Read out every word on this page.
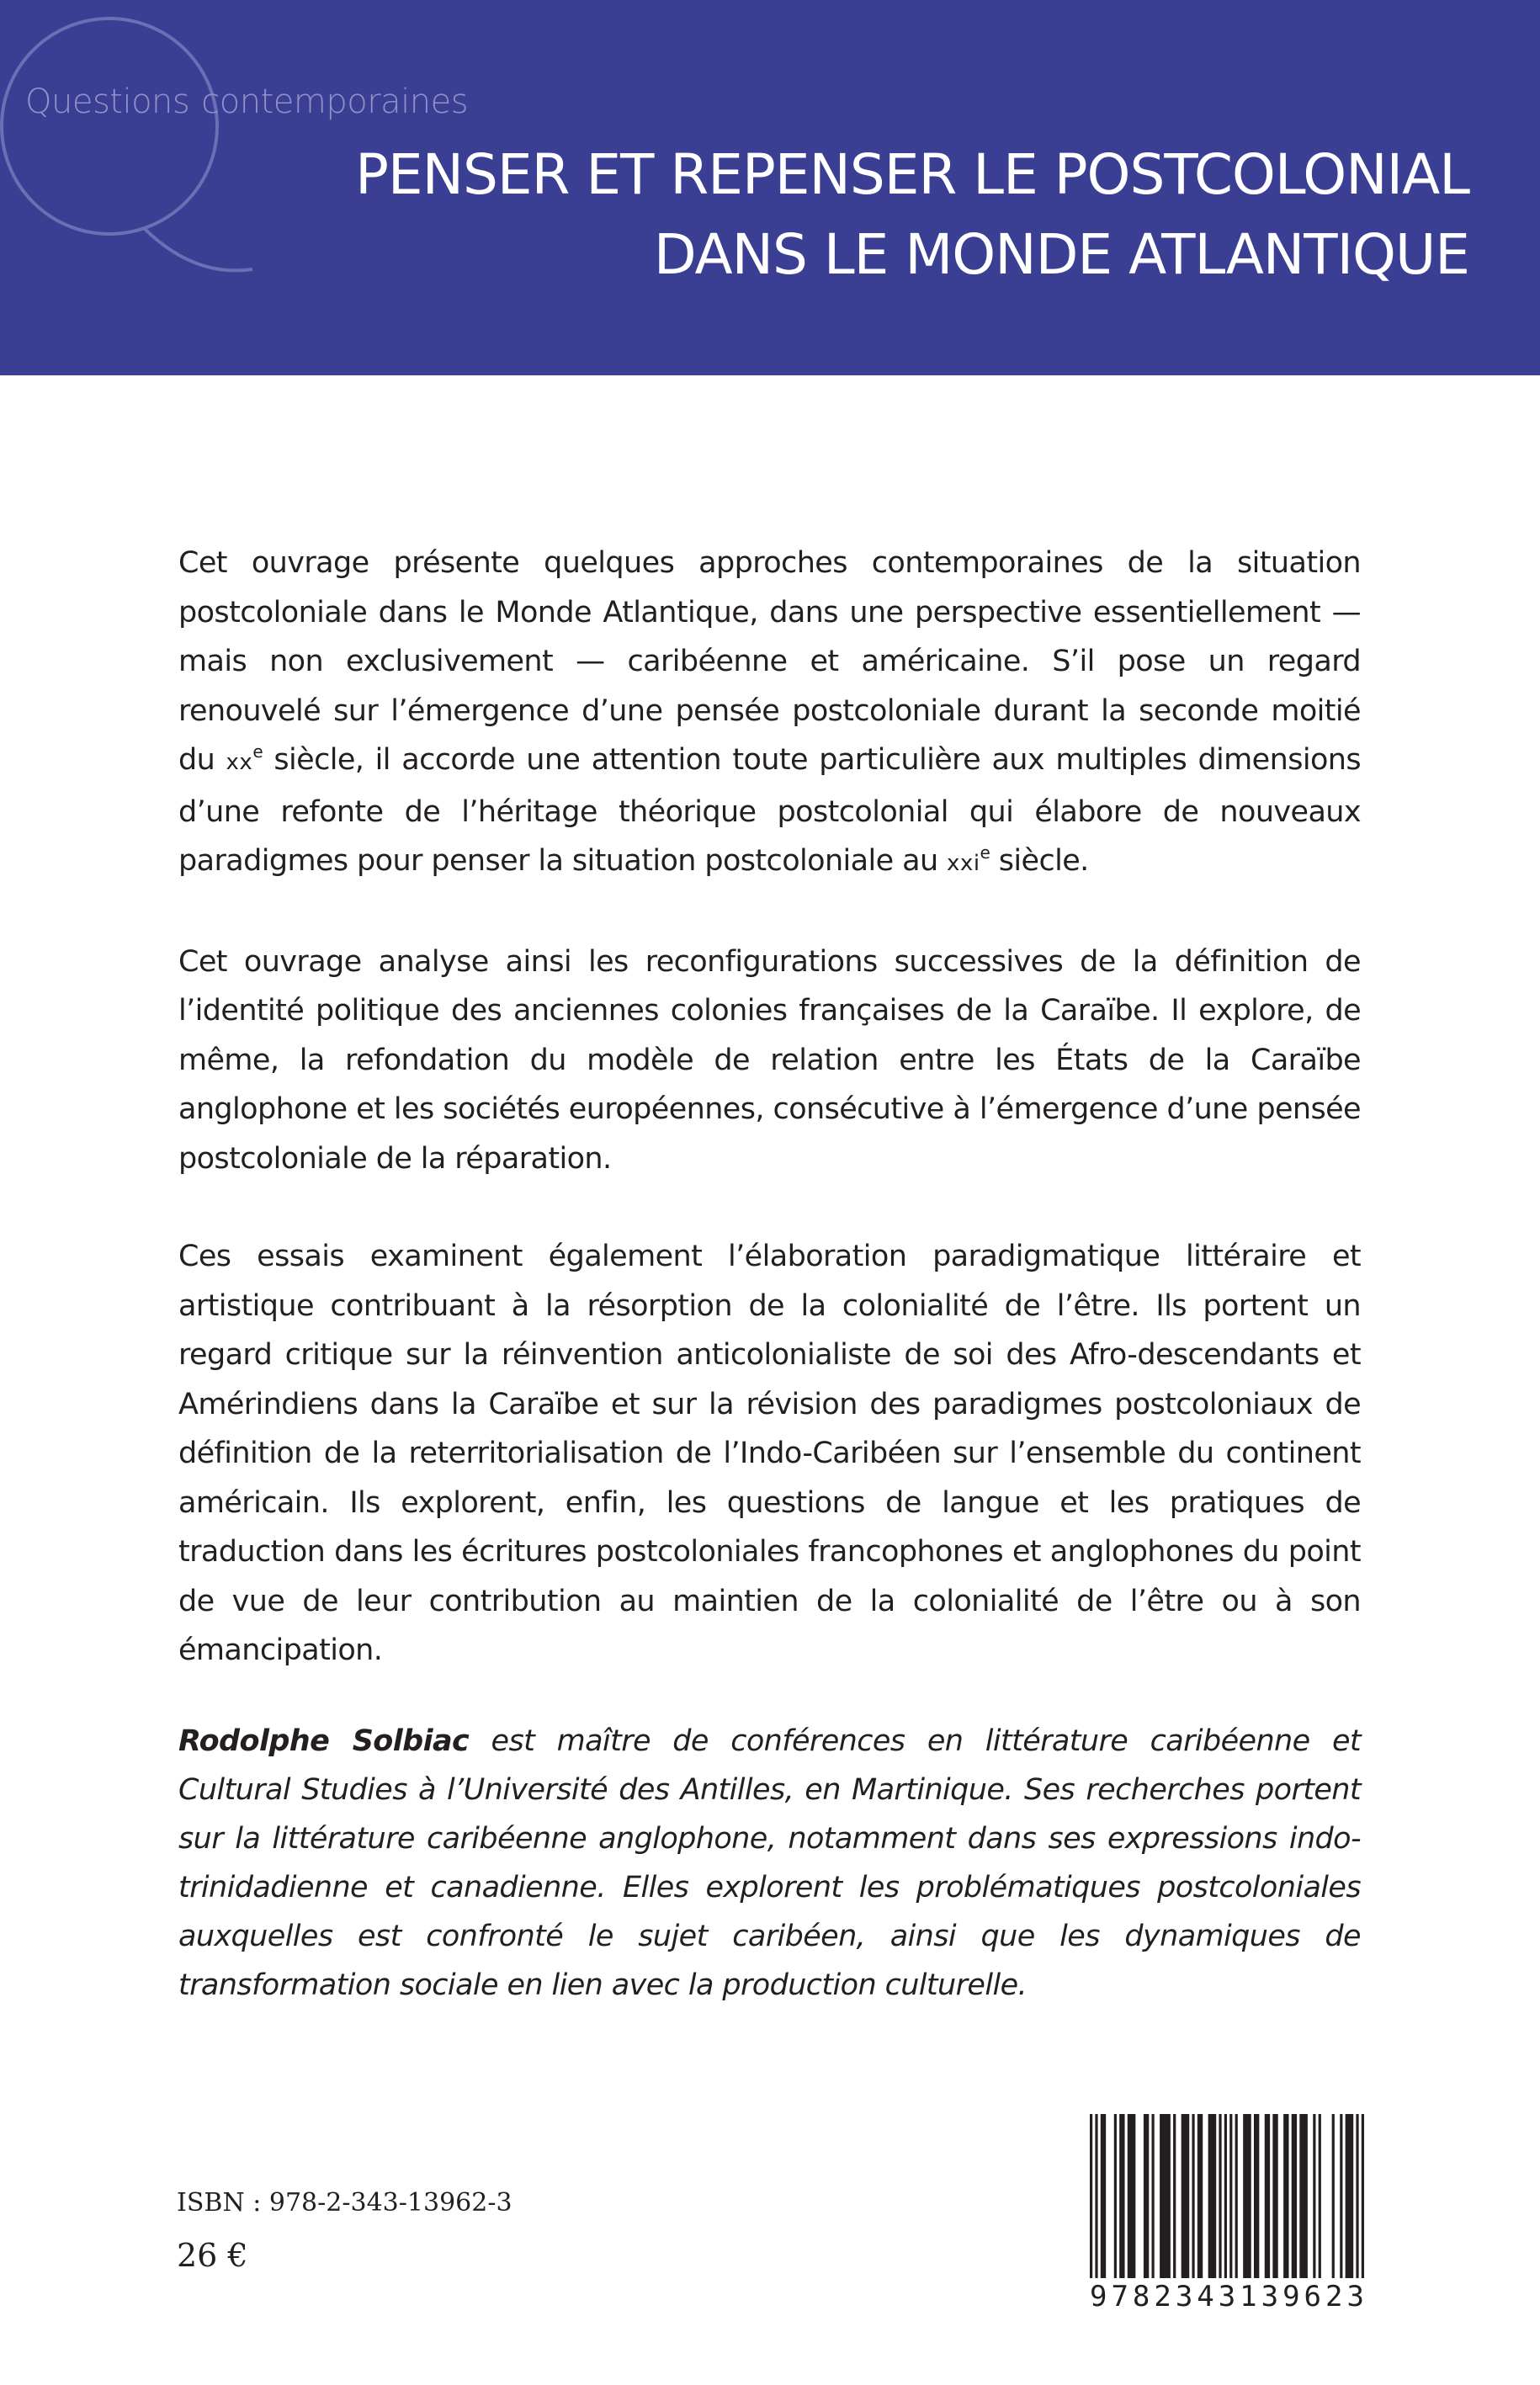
Questions contemporaines
PENSER ET REPENSER LE POSTCOLONIAL
DANS LE MONDE ATLANTIQUE

Cet ouvrage présente quelques approches contemporaines de la situation postcoloniale dans le Monde Atlantique, dans une perspective essentiellement — mais non exclusivement — caribéenne et américaine. S’il pose un regard renouvelé sur l’émergence d’une pensée postcoloniale durant la seconde moitié du $xx^e$ siècle, il accorde une attention toute particulière aux multiples dimensions d’une refonte de l’héritage théorique postcolonial qui élabore de nouveaux paradigmes pour penser la situation postcoloniale au xxi$^e$ siècle.

Cet ouvrage analyse ainsi les reconfigurations successives de la définition de l’identité politique des anciennes colonies françaises de la Caraïbe. Il explore, de même, la refondation du modèle de relation entre les États de la Caraïbe anglophone et les sociétés européennes, consécutive à l’émergence d’une pensée postcoloniale de la réparation.

Ces essais examinent également l’élaboration paradigmatique littéraire et artistique contribuant à la résorption de la colonialité de l’être. Ils portent un regard critique sur la réinvention anticolonialiste de soi des Afro-descendants et Amérindiens dans la Caraïbe et sur la révision des paradigmes postcoloniaux de définition de la reterritorialisation de l’Indo-Caribéen sur l’ensemble du continent américain. Ils explorent, enfin, les questions de langue et les pratiques de traduction dans les écritures postcoloniales francophones et anglophones du point de vue de leur contribution au maintien de la colonialité de l’être ou à son émancipation.

Rodolphe Solbiac est maître de conférences en littérature caribéenne et Cultural Studies à l’Université des Antilles, en Martinique. Ses recherches portent sur la littérature caribéenne anglophone, notamment dans ses expressions indo-trinidadienne et canadienne. Elles explorent les problématiques postcoloniales auxquelles est confronté le sujet caribéen, ainsi que les dynamiques de transformation sociale en lien avec la production culturelle.
ISBN : 978-2-343-13962-3
26 €
9 7 8 2 3 4 3 1 3 9 6 2 3
